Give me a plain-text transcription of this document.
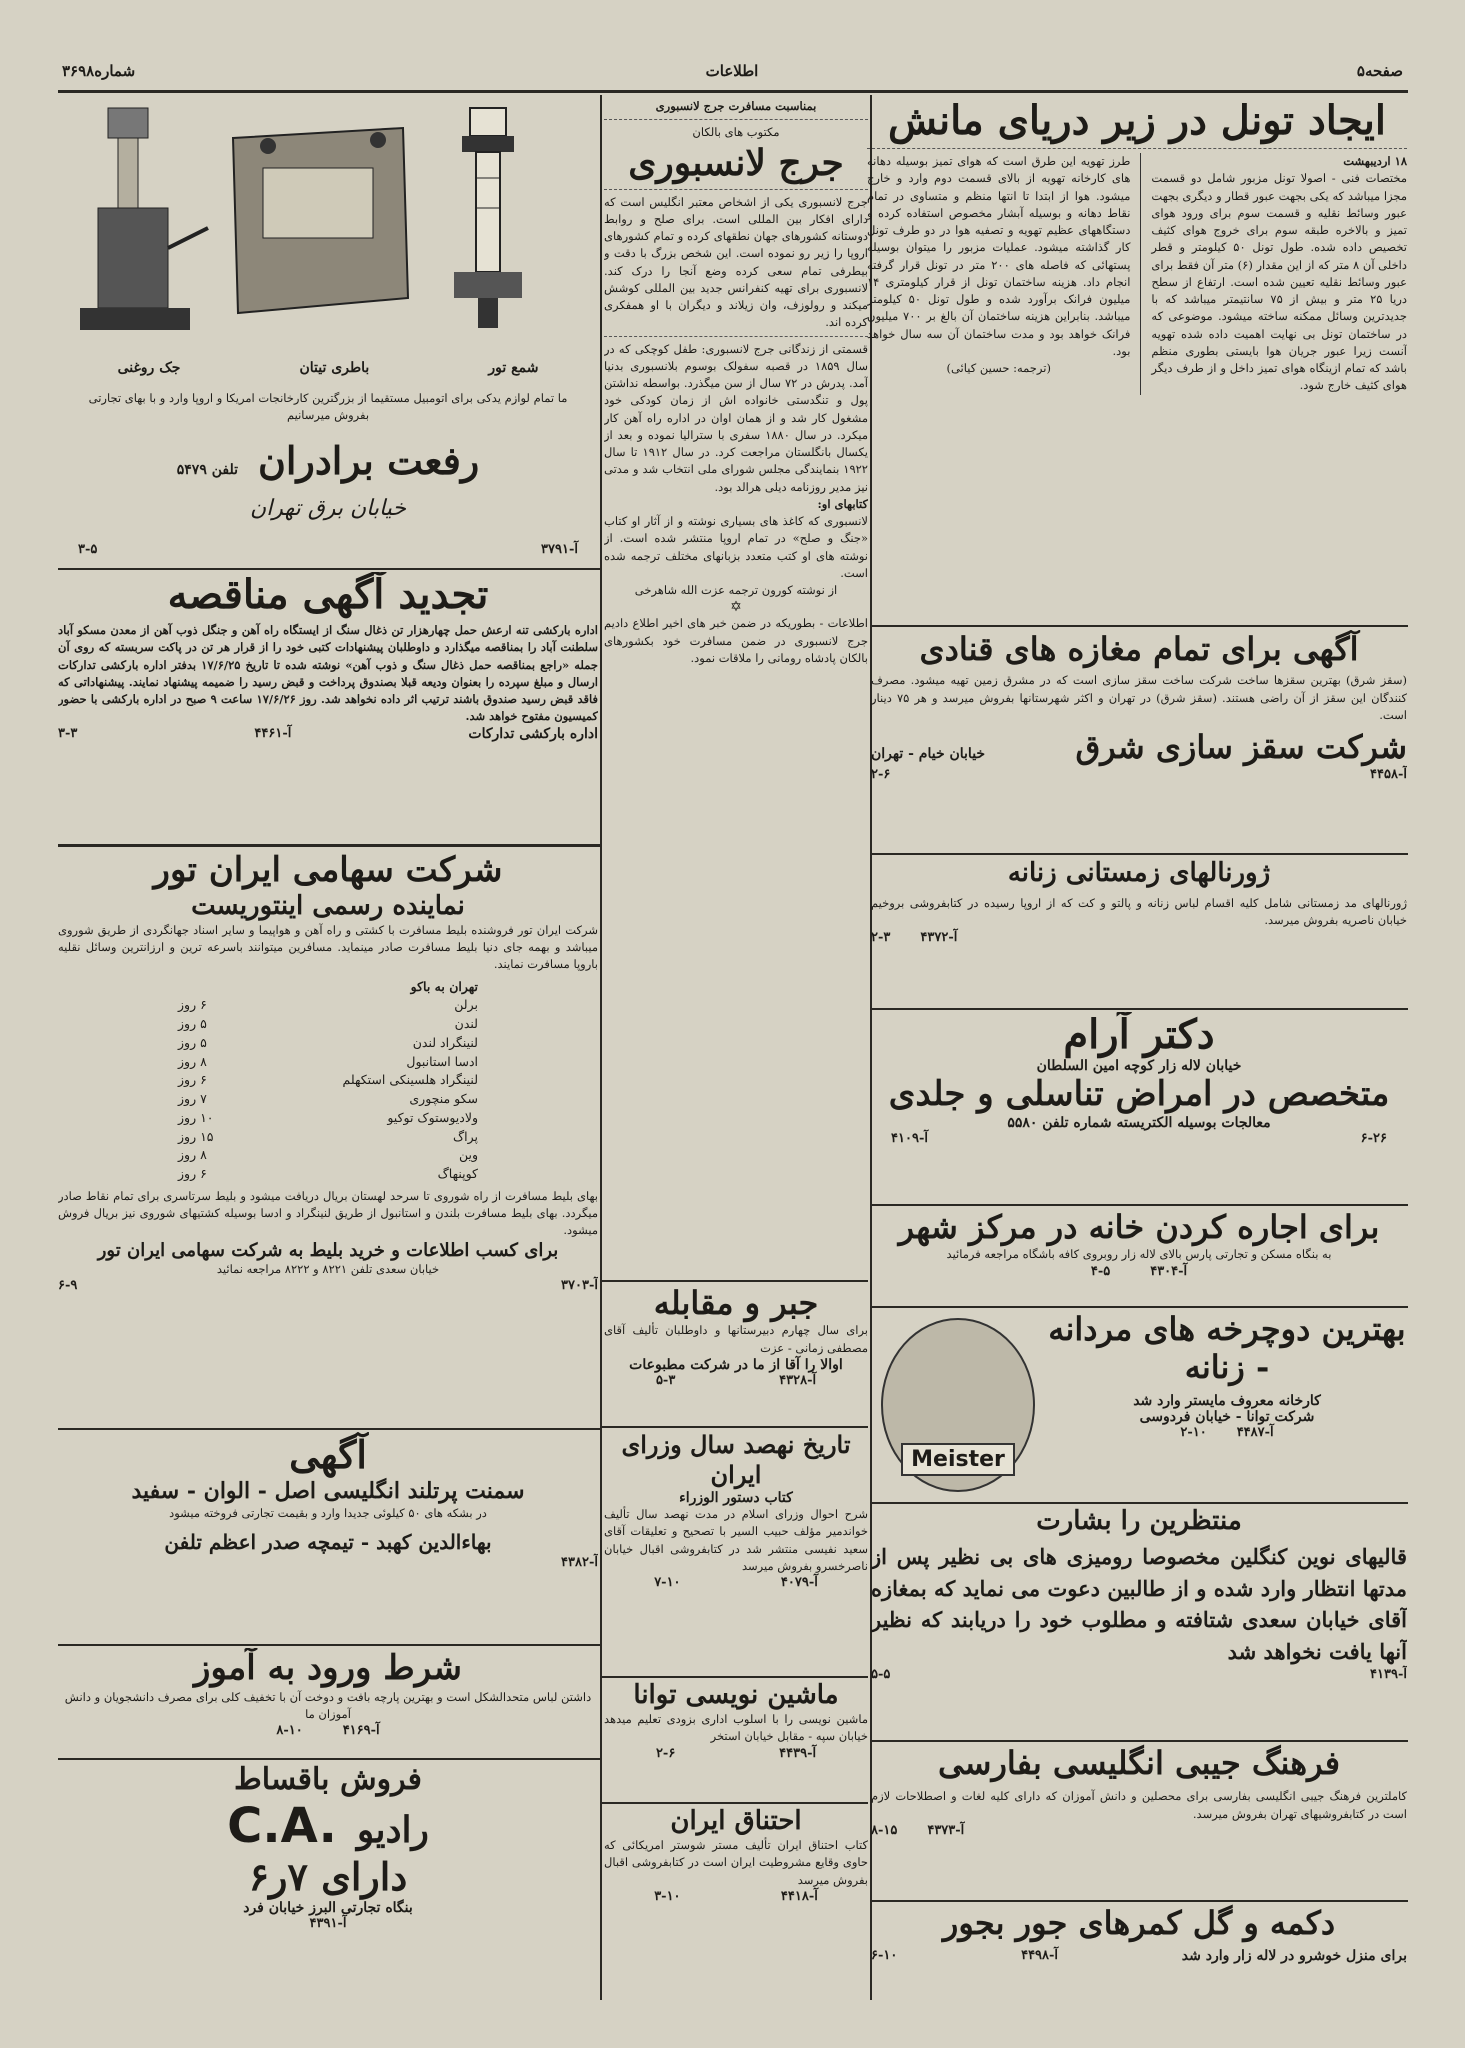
صفحه۵
اطلاعات
شماره۳۶۹۸
ایجاد تونل در زیر دریای مانش
۱۸ اردیبهشت
مختصات فنی - اصولا تونل مزبور شامل دو قسمت مجزا میباشد که یکی بجهت عبور قطار و دیگری بجهت عبور وسائط نقلیه و قسمت سوم برای ورود هوای تمیز و بالاخره طبقه سوم برای خروج هوای کثیف تخصیص داده شده. طول تونل ۵۰ کیلومتر و قطر داخلی آن ۸ متر که از این مقدار (۶) متر آن فقط برای عبور وسائط نقلیه تعیین شده است. ارتفاع از سطح دریا ۲۵ متر و بیش از ۷۵ سانتیمتر میباشد که با جدیدترین وسائل ممکنه ساخته میشود. موضوعی که در ساختمان تونل بی نهایت اهمیت داده شده تهویه آنست زیرا عبور جریان هوا بایستی بطوری منظم باشد که تمام ازینگاه هوای تمیز داخل و از طرف دیگر هوای کثیف خارج شود.
طرز تهویه این طرق است که هوای تمیز بوسیله دهانه های کارخانه تهویه از بالای قسمت دوم وارد و خارج میشود. هوا از ابتدا تا انتها منظم و متساوی در تمام نقاط دهانه و بوسیله آبشار مخصوص استفاده کرده و دستگاههای عظیم تهویه و تصفیه هوا در دو طرف تونل کار گذاشته میشود. عملیات مزبور را میتوان بوسیله پستهائی که فاصله های ۲۰۰ متر در تونل قرار گرفته انجام داد. هزینه ساختمان تونل از قرار کیلومتری ۱۴ میلیون فرانک برآورد شده و طول تونل ۵۰ کیلومتر میباشد. بنابراین هزینه ساختمان آن بالغ بر ۷۰۰ میلیون فرانک خواهد بود و مدت ساختمان آن سه سال خواهد بود.
(ترجمه: حسین کیائی)
آگهی برای تمام مغازه های قنادی
(سقز شرق) بهترین سقزها ساخت شرکت ساخت سقز سازی است که در مشرق زمین تهیه میشود. مصرف کنندگان این سقز از آن راضی هستند. (سقز شرق) در تهران و اکثر شهرستانها بفروش میرسد و هر ۷۵ دینار است.
شرکت سقز سازی شرق
خیابان خیام - تهران
آ-۴۴۵۸
۲-۶
ژورنالهای زمستانی زنانه
ژورنالهای مد زمستانی شامل کلیه اقسام لباس زنانه و پالتو و کت که از اروپا رسیده در کتابفروشی بروخیم خیابان ناصریه بفروش میرسد.
آ-۴۳۷۲
۲-۳
دکتر آرام
خیابان لاله زار کوچه امین السلطان
متخصص در امراض تناسلی و جلدی
معالجات بوسیله الکتریسته شماره تلفن ۵۵۸۰
۶-۲۶
آ-۴۱۰۹
برای اجاره کردن خانه در مرکز شهر
به بنگاه مسکن و تجارتی پارس بالای لاله زار روبروی کافه باشگاه مراجعه فرمائید
آ-۴۳۰۴
۴-۵
بهترین دوچرخه های مردانه - زنانه
کارخانه معروف مایستر وارد شد
شرکت توانا - خیابان فردوسی
آ-۴۴۸۷
۲-۱۰
Meister
منتظرین را بشارت
قالیهای نوین کنگلین مخصوصا رومیزی های بی نظیر پس از مدتها انتظار وارد شده و از طالبین دعوت می نماید که بمغازه آقای خیابان سعدی شتافته و مطلوب خود را دریابند که نظیر آنها یافت نخواهد شد
آ-۴۱۳۹
۵-۵
فرهنگ جیبی انگلیسی بفارسی
کاملترین فرهنگ جیبی انگلیسی بفارسی برای محصلین و دانش آموزان که دارای کلیه لغات و اصطلاحات لازم است در کتابفروشیهای تهران بفروش میرسد.
آ-۴۳۷۳
۸-۱۵
دکمه و گل کمرهای جور بجور
برای منزل خوشرو در لاله زار وارد شد
آ-۴۴۹۸
۶-۱۰
بمناسبت مسافرت جرج لانسبوری
مکتوب های بالکان
جرج لانسبوری
جرج لانسبوری یکی از اشخاص معتبر انگلیس است که دارای افکار بین المللی است. برای صلح و روابط دوستانه کشورهای جهان نطقهای کرده و تمام کشورهای اروپا را زیر رو نموده است. این شخص بزرگ با دقت و بیطرفی تمام سعی کرده وضع آنجا را درک کند. لانسبوری برای تهیه کنفرانس جدید بین المللی کوشش میکند و رولوزف، وان زیلاند و دیگران با او همفکری کرده اند.
قسمتی از زندگانی جرج لانسبوری: طفل کوچکی که در سال ۱۸۵۹ در قصبه سفولک بوسوم بلانسبوری بدنیا آمد. پدرش در ۷۲ سال از سن میگذرد. بواسطه نداشتن پول و تنگدستی خانواده اش از زمان کودکی خود مشغول کار شد و از همان اوان در اداره راه آهن کار میکرد. در سال ۱۸۸۰ سفری با سترالیا نموده و بعد از یکسال بانگلستان مراجعت کرد. در سال ۱۹۱۲ تا سال ۱۹۲۲ بنمایندگی مجلس شورای ملی انتخاب شد و مدتی نیز مدیر روزنامه دیلی هرالد بود.
کتابهای او:
لانسبوری که کاغذ های بسیاری نوشته و از آثار او کتاب «جنگ و صلح» در تمام اروپا منتشر شده است. از نوشته های او کتب متعدد بزبانهای مختلف ترجمه شده است.
از نوشته کورون ترجمه عزت الله شاهرخی
✡
اطلاعات - بطوریکه در ضمن خبر های اخیر اطلاع دادیم جرج لانسبوری در ضمن مسافرت خود بکشورهای بالکان پادشاه رومانی را ملاقات نمود.
جبر و مقابله
برای سال چهارم دبیرستانها و داوطلبان تألیف آقای مصطفی زمانی - عزت
اوالا را آقا از ما در شرکت مطبوعات
آ-۴۳۲۸
۵-۳
تاریخ نهصد سال وزرای ایران
کتاب دستور الوزراء
شرح احوال وزرای اسلام در مدت نهصد سال تألیف خواندمیر مؤلف حبیب السیر با تصحیح و تعلیقات آقای سعید نفیسی منتشر شد در کتابفروشی اقبال خیابان ناصرخسرو بفروش میرسد
آ-۴۰۷۹
۷-۱۰
ماشین نویسی توانا
ماشین نویسی را با اسلوب اداری بزودی تعلیم میدهد خیابان سپه - مقابل خیابان استخر
آ-۴۴۳۹
۲-۶
احتناق ایران
کتاب احتناق ایران تألیف مستر شوستر امریکائی که حاوی وقایع مشروطیت ایران است در کتابفروشی اقبال بفروش میرسد
آ-۴۴۱۸
۳-۱۰
شمع تور
باطری تیتان
جک روغنی
ما تمام لوازم یدکی برای اتومبیل مستقیما از بزرگترین کارخانجات امریکا و اروپا وارد و با بهای تجارتی بفروش میرسانیم
رفعت برادران
تلفن ۵۴۷۹
خیابان برق تهران
آ-۳۷۹۱
۳-۵
تجدید آگهی مناقصه
اداره بارکشی تنه ارعش حمل چهارهزار تن ذغال سنگ از ایستگاه راه آهن و جنگل ذوب آهن از معدن مسکو آباد سلطنت آباد را بمناقصه میگذارد و داوطلبان پیشنهادات کتبی خود را از قرار هر تن در پاکت سربسته که روی آن جمله «راجع بمناقصه حمل ذغال سنگ و ذوب آهن» نوشته شده تا تاریخ ۱۷/۶/۲۵ بدفتر اداره بارکشی تدارکات ارسال و مبلغ سپرده را بعنوان ودیعه قبلا بصندوق پرداخت و قبض رسید را ضمیمه پیشنهاد نمایند. پیشنهاداتی که فاقد قبض رسید صندوق باشند ترتیب اثر داده نخواهد شد. روز ۱۷/۶/۲۶ ساعت ۹ صبح در اداره بارکشی با حضور کمیسیون مفتوح خواهد شد.
اداره بارکشی تدارکات
آ-۴۴۶۱
۳-۳
شرکت سهامی ایران تور
نماینده رسمی اینتوریست
شرکت ایران تور فروشنده بلیط مسافرت با کشتی و راه آهن و هواپیما و سایر اسناد جهانگردی از طریق شوروی میباشد و بهمه جای دنیا بلیط مسافرت صادر مینماید. مسافرین میتوانند باسرعه ترین و ارزانترین وسائل نقلیه باروپا مسافرت نمایند.
تهران به باکو
برلن
۶ روز
لندن
۵ روز
لنینگراد لندن
۵ روز
ادسا استانبول
۸ روز
لنینگراد هلسینکی استکهلم
۶ روز
سکو منچوری
۷ روز
ولادیوستوک توکیو
۱۰ روز
پراگ
۱۵ روز
وین
۸ روز
کوپنهاگ
۶ روز
بهای بلیط مسافرت از راه شوروی تا سرحد لهستان بریال دریافت میشود و بلیط سرتاسری برای تمام نقاط صادر میگردد. بهای بلیط مسافرت بلندن و استانبول از طریق لنینگراد و ادسا بوسیله کشتیهای شوروی نیز بریال فروش میشود.
برای کسب اطلاعات و خرید بلیط به شرکت سهامی ایران تور
خیابان سعدی تلفن ۸۲۲۱ و ۸۲۲۲ مراجعه نمائید
آ-۳۷۰۳
۶-۹
آگهی
سمنت پرتلند انگلیسی اصل - الوان - سفید
در بشکه های ۵۰ کیلوئی جدیدا وارد و بقیمت تجارتی فروخته میشود
بهاءالدین کهبد - تیمچه صدر اعظم تلفن
آ-۴۳۸۲
شرط ورود به آموز
داشتن لباس متحدالشکل است و بهترین پارچه بافت و دوخت آن با تخفیف کلی برای مصرف دانشجویان و دانش آموزان ما
آ-۴۱۶۹
۸-۱۰
فروش باقساط
رادیو
C.A.
دارای ۷ر۶
بنگاه تجارتی البرز خیابان فرد
آ-۴۳۹۱
